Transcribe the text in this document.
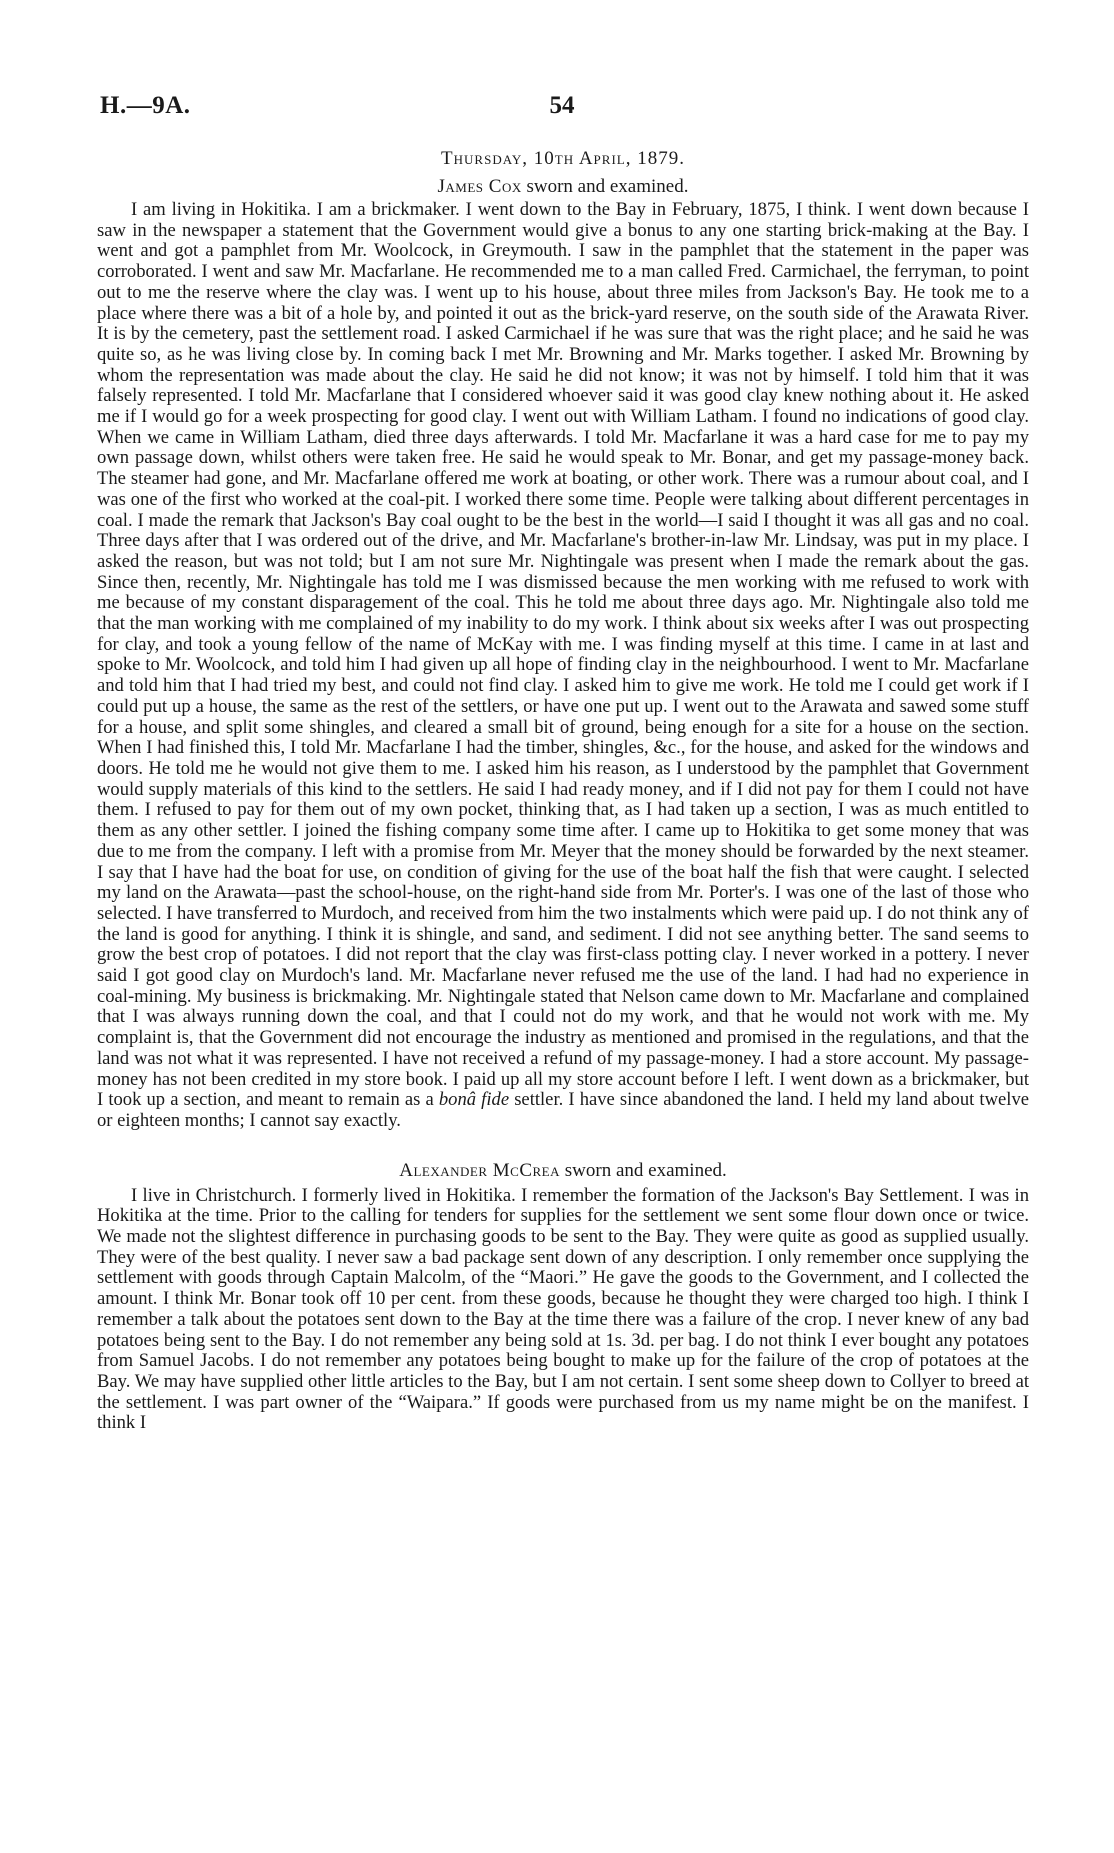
H.—9A.	54
Thursday, 10th April, 1879.
James Cox sworn and examined.

I am living in Hokitika. I am a brickmaker. I went down to the Bay in February, 1875, I think. I went down because I saw in the newspaper a statement that the Government would give a bonus to any one starting brick-making at the Bay. I went and got a pamphlet from Mr. Woolcock, in Greymouth. I saw in the pamphlet that the statement in the paper was corroborated. I went and saw Mr. Macfarlane. He recommended me to a man called Fred. Carmichael, the ferryman, to point out to me the reserve where the clay was. I went up to his house, about three miles from Jackson's Bay. He took me to a place where there was a bit of a hole by, and pointed it out as the brick-yard reserve, on the south side of the Arawata River. It is by the cemetery, past the settlement road. I asked Carmichael if he was sure that was the right place; and he said he was quite so, as he was living close by. In coming back I met Mr. Browning and Mr. Marks together. I asked Mr. Browning by whom the representation was made about the clay. He said he did not know; it was not by himself. I told him that it was falsely represented. I told Mr. Macfarlane that I considered whoever said it was good clay knew nothing about it. He asked me if I would go for a week prospecting for good clay. I went out with William Latham. I found no indications of good clay. When we came in William Latham, died three days afterwards. I told Mr. Macfarlane it was a hard case for me to pay my own passage down, whilst others were taken free. He said he would speak to Mr. Bonar, and get my passage-money back. The steamer had gone, and Mr. Macfarlane offered me work at boating, or other work. There was a rumour about coal, and I was one of the first who worked at the coal-pit. I worked there some time. People were talking about different percentages in coal. I made the remark that Jackson's Bay coal ought to be the best in the world—I said I thought it was all gas and no coal. Three days after that I was ordered out of the drive, and Mr. Macfarlane's brother-in-law Mr. Lindsay, was put in my place. I asked the reason, but was not told; but I am not sure Mr. Nightingale was present when I made the remark about the gas. Since then, recently, Mr. Nightingale has told me I was dismissed because the men working with me refused to work with me because of my constant disparagement of the coal. This he told me about three days ago. Mr. Nightingale also told me that the man working with me complained of my inability to do my work. I think about six weeks after I was out prospecting for clay, and took a young fellow of the name of McKay with me. I was finding myself at this time. I came in at last and spoke to Mr. Woolcock, and told him I had given up all hope of finding clay in the neighbourhood. I went to Mr. Macfarlane and told him that I had tried my best, and could not find clay. I asked him to give me work. He told me I could get work if I could put up a house, the same as the rest of the settlers, or have one put up. I went out to the Arawata and sawed some stuff for a house, and split some shingles, and cleared a small bit of ground, being enough for a site for a house on the section. When I had finished this, I told Mr. Macfarlane I had the timber, shingles, &c., for the house, and asked for the windows and doors. He told me he would not give them to me. I asked him his reason, as I understood by the pamphlet that Government would supply materials of this kind to the settlers. He said I had ready money, and if I did not pay for them I could not have them. I refused to pay for them out of my own pocket, thinking that, as I had taken up a section, I was as much entitled to them as any other settler. I joined the fishing company some time after. I came up to Hokitika to get some money that was due to me from the company. I left with a promise from Mr. Meyer that the money should be forwarded by the next steamer. I say that I have had the boat for use, on condition of giving for the use of the boat half the fish that were caught. I selected my land on the Arawata—past the school-house, on the right-hand side from Mr. Porter's. I was one of the last of those who selected. I have transferred to Murdoch, and received from him the two instalments which were paid up. I do not think any of the land is good for anything. I think it is shingle, and sand, and sediment. I did not see anything better. The sand seems to grow the best crop of potatoes. I did not report that the clay was first-class potting clay. I never worked in a pottery. I never said I got good clay on Murdoch's land. Mr. Macfarlane never refused me the use of the land. I had had no experience in coal-mining. My business is brickmaking. Mr. Nightingale stated that Nelson came down to Mr. Macfarlane and complained that I was always running down the coal, and that I could not do my work, and that he would not work with me. My complaint is, that the Government did not encourage the industry as mentioned and promised in the regulations, and that the land was not what it was represented. I have not received a refund of my passage-money. I had a store account. My passage-money has not been credited in my store book. I paid up all my store account before I left. I went down as a brickmaker, but I took up a section, and meant to remain as a bonâ fide settler. I have since abandoned the land. I held my land about twelve or eighteen months; I cannot say exactly.

Alexander McCrea sworn and examined.

I live in Christchurch. I formerly lived in Hokitika. I remember the formation of the Jackson's Bay Settlement. I was in Hokitika at the time. Prior to the calling for tenders for supplies for the settlement we sent some flour down once or twice. We made not the slightest difference in purchasing goods to be sent to the Bay. They were quite as good as supplied usually. They were of the best quality. I never saw a bad package sent down of any description. I only remember once supplying the settlement with goods through Captain Malcolm, of the “Maori.” He gave the goods to the Government, and I collected the amount. I think Mr. Bonar took off 10 per cent. from these goods, because he thought they were charged too high. I think I remember a talk about the potatoes sent down to the Bay at the time there was a failure of the crop. I never knew of any bad potatoes being sent to the Bay. I do not remember any being sold at 1s. 3d. per bag. I do not think I ever bought any potatoes from Samuel Jacobs. I do not remember any potatoes being bought to make up for the failure of the crop of potatoes at the Bay. We may have supplied other little articles to the Bay, but I am not certain. I sent some sheep down to Collyer to breed at the settlement. I was part owner of the “Waipara.” If goods were purchased from us my name might be on the manifest. I think I
